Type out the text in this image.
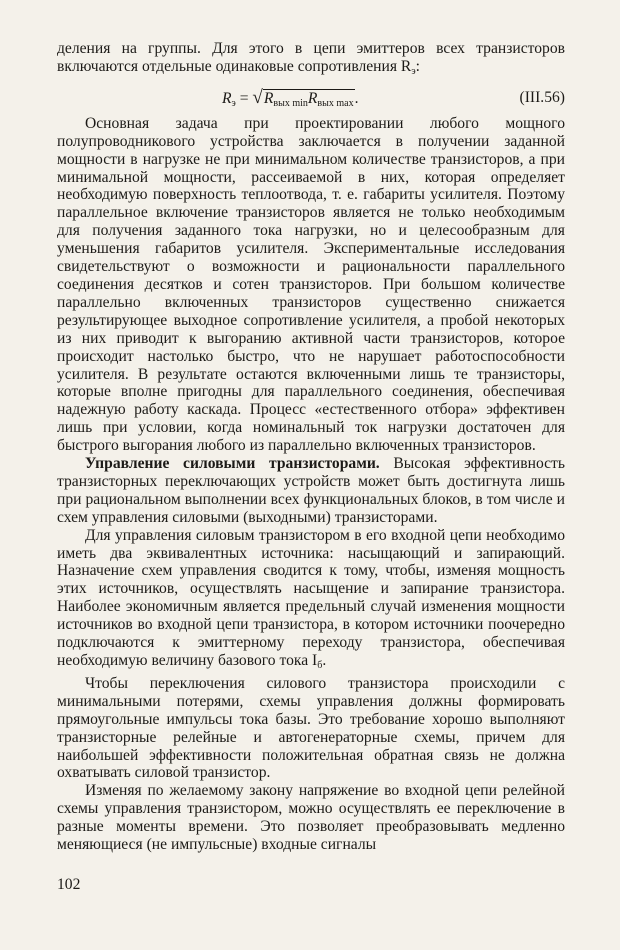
деления на группы. Для этого в цепи эмиттеров всех транзисторов включаются отдельные одинаковые сопротивления $R_э$:

$R_э = √R_{вых min}R_{вых max}$.	(III.56)

Основная задача при проектировании любого мощного полупроводникового устройства заключается в получении заданной мощности в нагрузке не при минимальном количестве транзисторов, а при минимальной мощности, рассеиваемой в них, которая определяет необходимую поверхность теплоотвода, т. е. габариты усилителя. Поэтому параллельное включение транзисторов является не только необходимым для получения заданного тока нагрузки, но и целесообразным для уменьшения габаритов усилителя. Экспериментальные исследования свидетельствуют о возможности и рациональности параллельного соединения десятков и сотен транзисторов. При большом количестве параллельно включенных транзисторов существенно снижается результирующее выходное сопротивление усилителя, а пробой некоторых из них приводит к выгоранию активной части транзисторов, которое происходит настолько быстро, что не нарушает работоспособности усилителя. В результате остаются включенными лишь те транзисторы, которые вполне пригодны для параллельного соединения, обеспечивая надежную работу каскада. Процесс «естественного отбора» эффективен лишь при условии, когда номинальный ток нагрузки достаточен для быстрого выгорания любого из параллельно включенных транзисторов.

Управление силовыми транзисторами. Высокая эффективность транзисторных переключающих устройств может быть достигнута лишь при рациональном выполнении всех функциональных блоков, в том числе и схем управления силовыми (выходными) транзисторами.

Для управления силовым транзистором в его входной цепи необходимо иметь два эквивалентных источника: насыщающий и запирающий. Назначение схем управления сводится к тому, чтобы, изменяя мощность этих источников, осуществлять насыщение и запирание транзистора. Наиболее экономичным является предельный случай изменения мощности источников во входной цепи транзистора, в котором источники поочередно подключаются к эмиттерному переходу транзистора, обеспечивая необходимую величину базового тока $I_б$.

Чтобы переключения силового транзистора происходили с минимальными потерями, схемы управления должны формировать прямоугольные импульсы тока базы. Это требование хорошо выполняют транзисторные релейные и автогенераторные схемы, причем для наибольшей эффективности положительная обратная связь не должна охватывать силовой транзистор.

Изменяя по желаемому закону напряжение во входной цепи релейной схемы управления транзистором, можно осуществлять ее переключение в разные моменты времени. Это позволяет преобразовывать медленно меняющиеся (не импульсные) входные сигналы

102
